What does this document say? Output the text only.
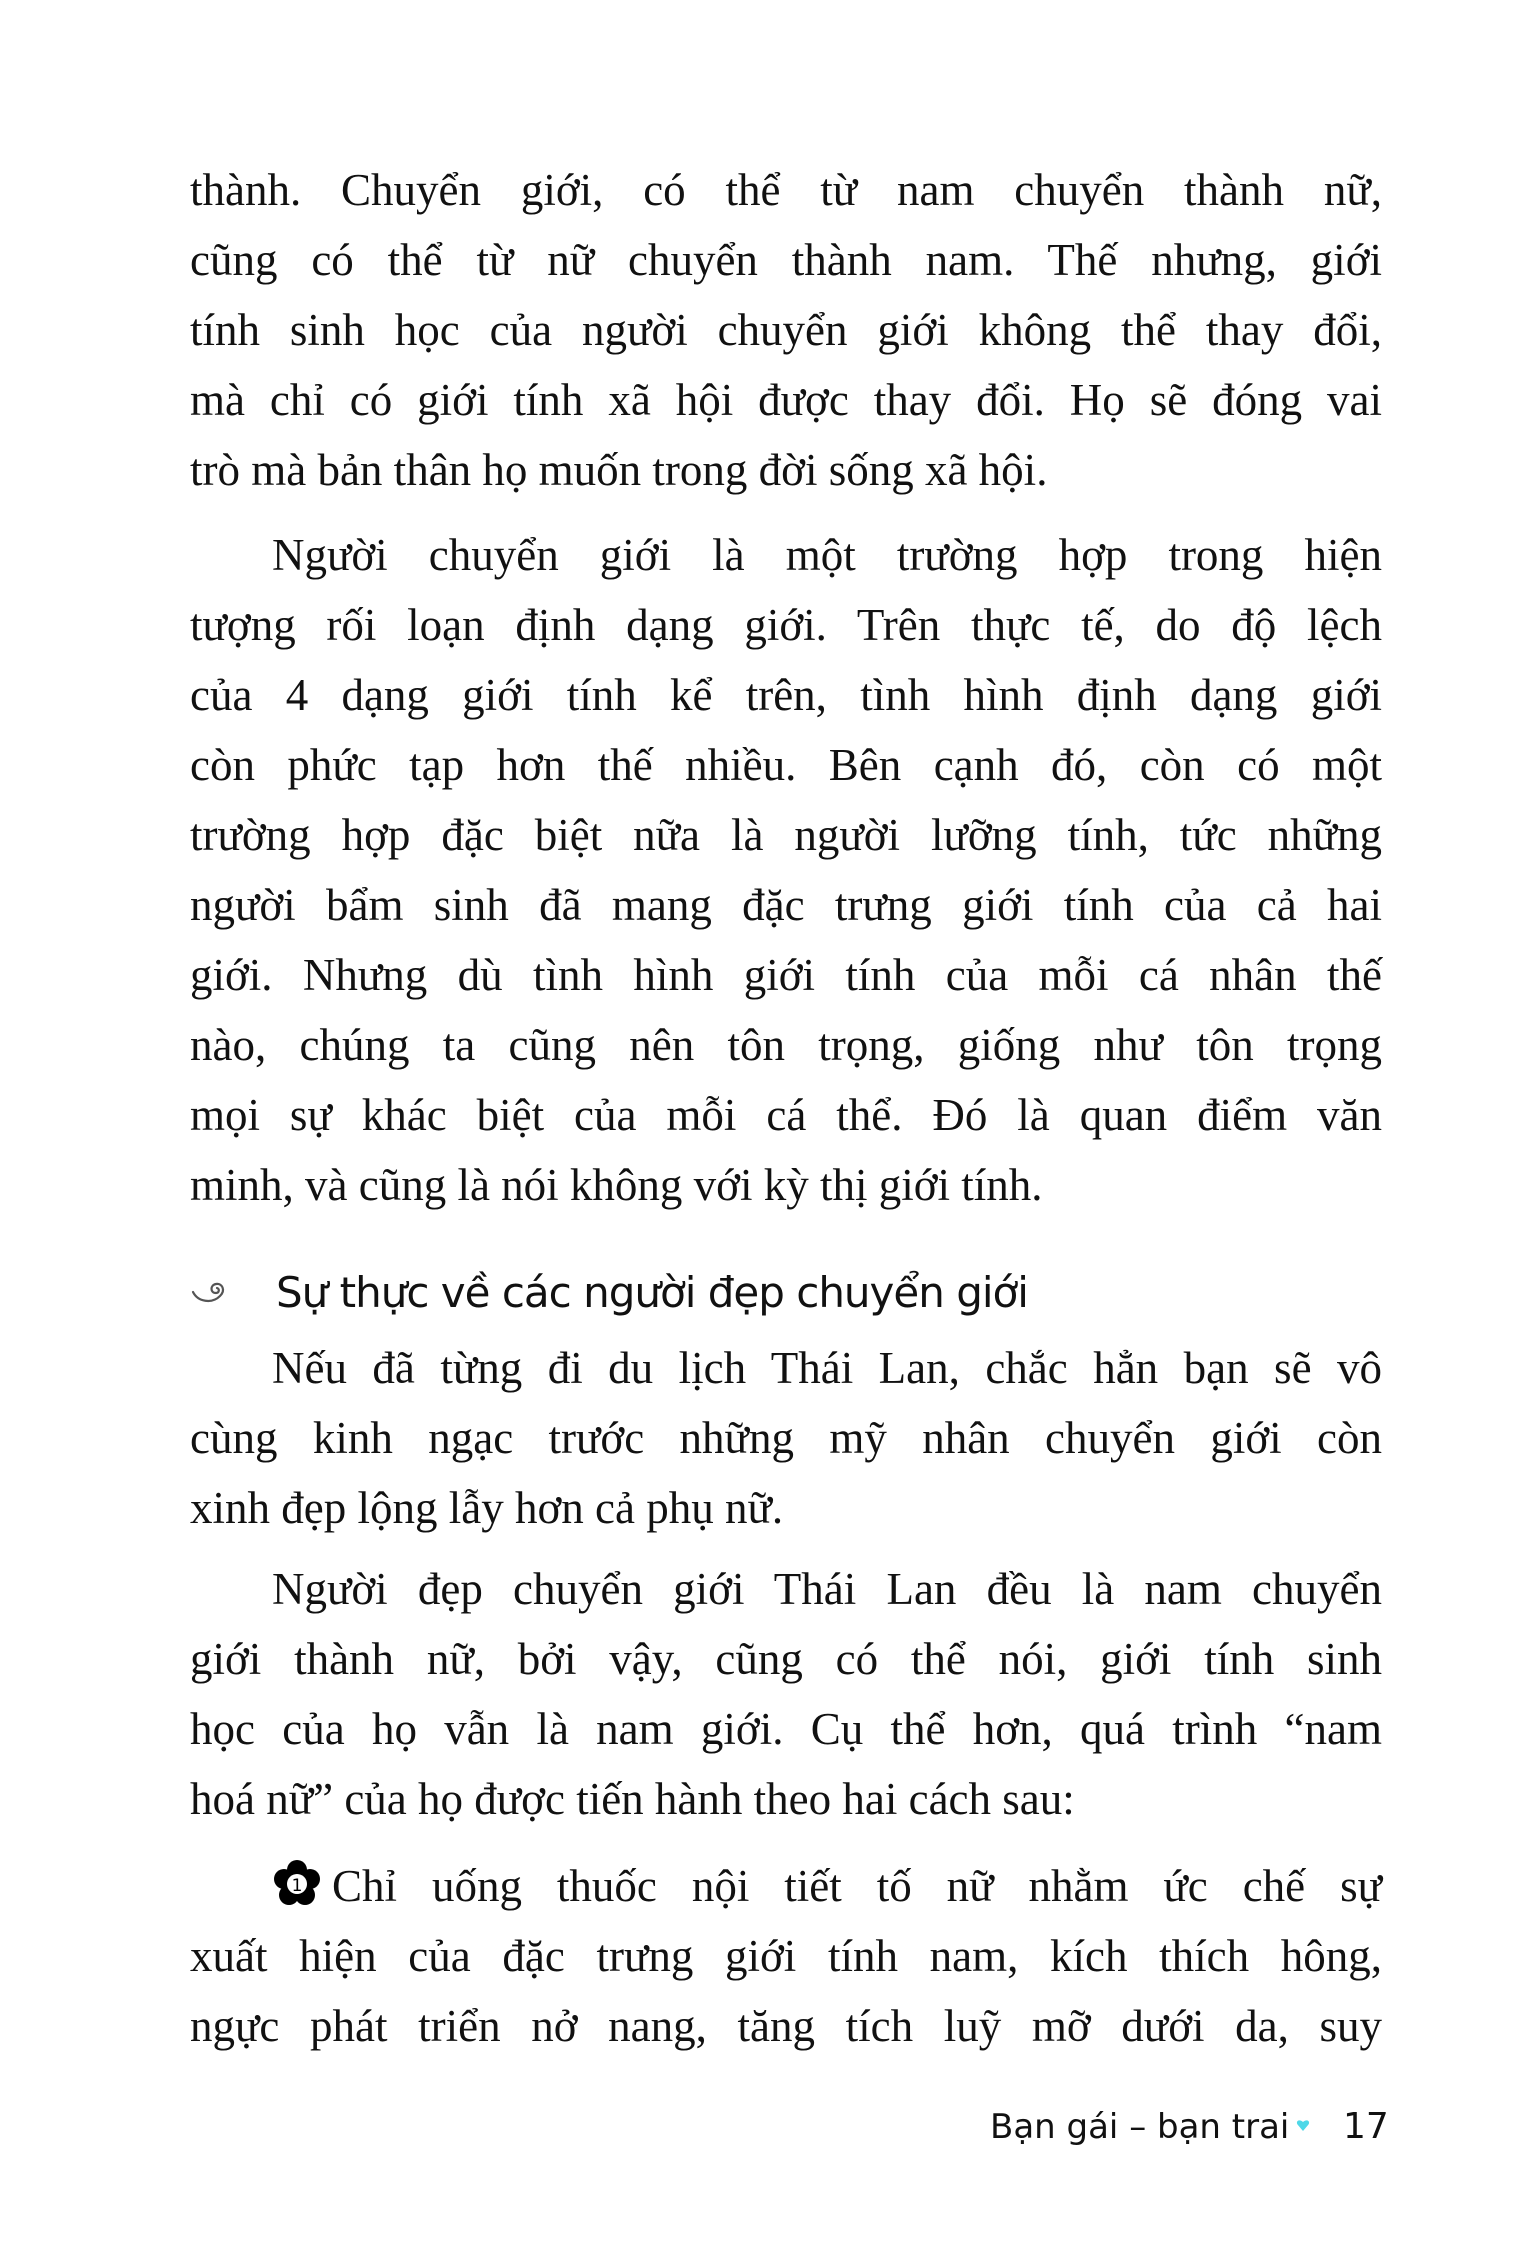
thành. Chuyển giới, có thể từ nam chuyển thành nữ,
cũng có thể từ nữ chuyển thành nam. Thế nhưng, giới
tính sinh học của người chuyển giới không thể thay đổi,
mà chỉ có giới tính xã hội được thay đổi. Họ sẽ đóng vai
trò mà bản thân họ muốn trong đời sống xã hội.
Người chuyển giới là một trường hợp trong hiện
tượng rối loạn định dạng giới. Trên thực tế, do độ lệch
của 4 dạng giới tính kể trên, tình hình định dạng giới
còn phức tạp hơn thế nhiều. Bên cạnh đó, còn có một
trường hợp đặc biệt nữa là người lưỡng tính, tức những
người bẩm sinh đã mang đặc trưng giới tính của cả hai
giới. Nhưng dù tình hình giới tính của mỗi cá nhân thế
nào, chúng ta cũng nên tôn trọng, giống như tôn trọng
mọi sự khác biệt của mỗi cá thể. Đó là quan điểm văn
minh, và cũng là nói không với kỳ thị giới tính.
Sự thực về các người đẹp chuyển giới
Nếu đã từng đi du lịch Thái Lan, chắc hẳn bạn sẽ vô
cùng kinh ngạc trước những mỹ nhân chuyển giới còn
xinh đẹp lộng lẫy hơn cả phụ nữ.
Người đẹp chuyển giới Thái Lan đều là nam chuyển
giới thành nữ, bởi vậy, cũng có thể nói, giới tính sinh
học của họ vẫn là nam giới. Cụ thể hơn, quá trình “nam
hoá nữ” của họ được tiến hành theo hai cách sau:
1 Chỉ uống thuốc nội tiết tố nữ nhằm ức chế sự
xuất hiện của đặc trưng giới tính nam, kích thích hông,
ngực phát triển nở nang, tăng tích luỹ mỡ dưới da, suy
Bạn gái – bạn trai 17
